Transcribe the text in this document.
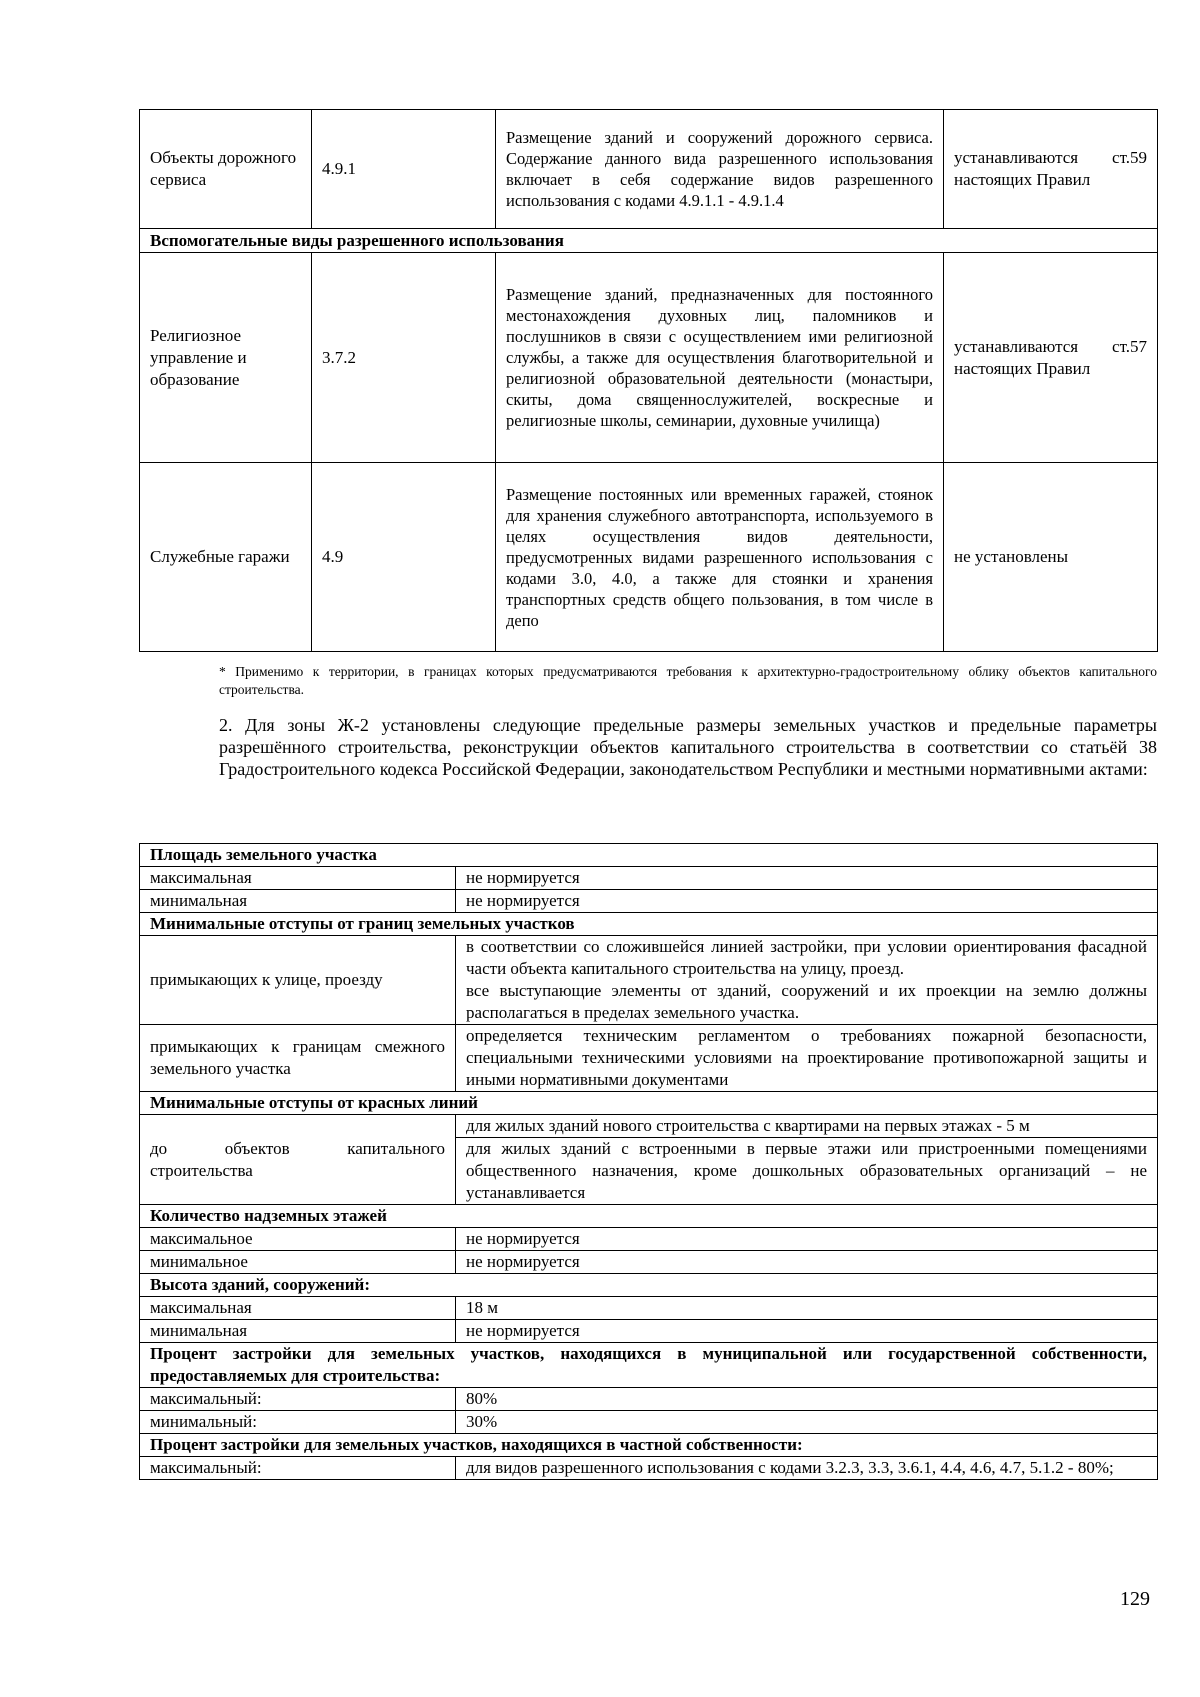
Объекты дорожного сервиса	4.9.1	Размещение зданий и сооружений дорожного сервиса. Содержание данного вида разрешенного использования включает в себя содержание видов разрешенного использования с кодами 4.9.1.1 - 4.9.1.4	устанавливаются ст.59 настоящих Правил
Вспомогательные виды разрешенного использования			
Религиозное управление и образование	3.7.2	Размещение зданий, предназначенных для постоянного местонахождения духовных лиц, паломников и послушников в связи с осуществлением ими религиозной службы, а также для осуществления благотворительной и религиозной образовательной деятельности (монастыри, скиты, дома священнослужителей, воскресные и религиозные школы, семинарии, духовные училища)	устанавливаются ст.57 настоящих Правил
Служебные гаражи	4.9	Размещение постоянных или временных гаражей, стоянок для хранения служебного автотранспорта, используемого в целях осуществления видов деятельности, предусмотренных видами разрешенного использования с кодами 3.0, 4.0, а также для стоянки и хранения транспортных средств общего пользования, в том числе в депо	не установлены
* Применимо к территории, в границах которых предусматриваются требования к архитектурно-градостроительному облику объектов капитального строительства.
2. Для зоны Ж-2 установлены следующие предельные размеры земельных участков и предельные параметры разрешённого строительства, реконструкции объектов капитального строительства в соответствии со статьёй 38 Градостроительного кодекса Российской Федерации, законодательством Республики и местными нормативными актами:
Площадь земельного участка	
максимальная	не нормируется
минимальная	не нормируется
Минимальные отступы от границ земельных участков	
примыкающих к улице, проезду	в соответствии со сложившейся линией застройки, при условии ориентирования фасадной части объекта капитального строительства на улицу, проезд.
все выступающие элементы от зданий, сооружений и их проекции на землю должны располагаться в пределах земельного участка.

примыкающих к границам смежного земельного участка	определяется техническим регламентом о требованиях пожарной безопасности, специальными техническими условиями на проектирование противопожарной защиты и иными нормативными документами
Минимальные отступы от красных линий	
до объектов капитального строительства	для жилых зданий нового строительства с квартирами на первых этажах - 5 м
	для жилых зданий с встроенными в первые этажи или пристроенными помещениями общественного назначения, кроме дошкольных образовательных организаций – не устанавливается
Количество надземных этажей	
максимальное	не нормируется
минимальное	не нормируется
Высота зданий, сооружений:	
максимальная	18 м
минимальная	не нормируется
Процент застройки для земельных участков, находящихся в муниципальной или государственной собственности, предоставляемых для строительства:	
максимальный:	80%
минимальный:	30%
Процент застройки для земельных участков, находящихся в частной собственности:	
максимальный:	для видов разрешенного использования с кодами 3.2.3, 3.3, 3.6.1, 4.4, 4.6, 4.7, 5.1.2 - 80%;
129
